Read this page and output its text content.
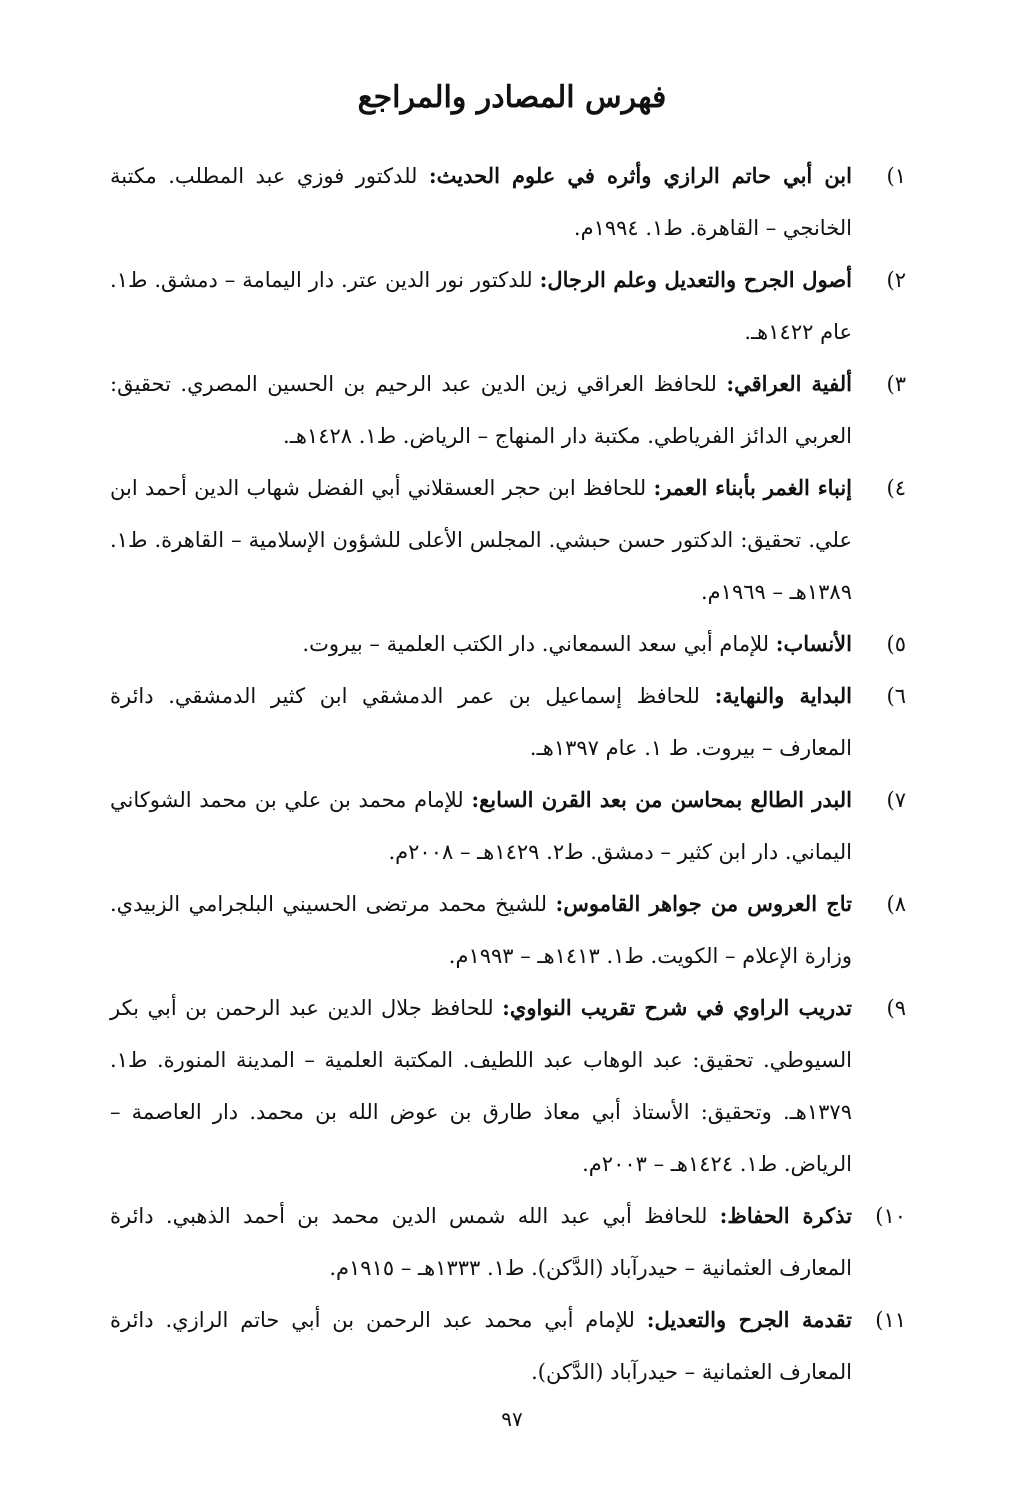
فهرس المصادر والمراجع
١)
ابن أبي حاتم الرازي وأثره في علوم الحديث: للدكتور فوزي عبد المطلب. مكتبة الخانجي – القاهرة. ط١. ١٩٩٤م.
٢)
أصول الجرح والتعديل وعلم الرجال: للدكتور نور الدين عتر. دار اليمامة – دمشق. ط١. عام ١٤٢٢هـ.
٣)
ألفية العراقي: للحافظ العراقي زين الدين عبد الرحيم بن الحسين المصري. تحقيق: العربي الدائز الفرياطي. مكتبة دار المنهاج – الرياض. ط١. ١٤٢٨هـ.
٤)
إنباء الغمر بأبناء العمر: للحافظ ابن حجر العسقلاني أبي الفضل شهاب الدين أحمد ابن علي. تحقيق: الدكتور حسن حبشي. المجلس الأعلى للشؤون الإسلامية – القاهرة. ط١. ١٣٨٩هـ – ١٩٦٩م.
٥)
الأنساب: للإمام أبي سعد السمعاني. دار الكتب العلمية – بيروت.
٦)
البداية والنهاية: للحافظ إسماعيل بن عمر الدمشقي ابن كثير الدمشقي. دائرة المعارف – بيروت. ط ١. عام ١٣٩٧هـ.
٧)
البدر الطالع بمحاسن من بعد القرن السابع: للإمام محمد بن علي بن محمد الشوكاني اليماني. دار ابن كثير – دمشق. ط٢. ١٤٢٩هـ – ٢٠٠٨م.
٨)
تاج العروس من جواهر القاموس: للشيخ محمد مرتضى الحسيني البلجرامي الزبيدي. وزارة الإعلام – الكويت. ط١. ١٤١٣هـ – ١٩٩٣م.
٩)
تدريب الراوي في شرح تقريب النواوي: للحافظ جلال الدين عبد الرحمن بن أبي بكر السيوطي. تحقيق: عبد الوهاب عبد اللطيف. المكتبة العلمية – المدينة المنورة. ط١. ١٣٧٩هـ. وتحقيق: الأستاذ أبي معاذ طارق بن عوض الله بن محمد. دار العاصمة – الرياض. ط١. ١٤٢٤هـ – ٢٠٠٣م.
١٠)
تذكرة الحفاظ: للحافظ أبي عبد الله شمس الدين محمد بن أحمد الذهبي. دائرة المعارف العثمانية – حيدرآباد (الدَّكن). ط١. ١٣٣٣هـ – ١٩١٥م.
١١)
تقدمة الجرح والتعديل: للإمام أبي محمد عبد الرحمن بن أبي حاتم الرازي. دائرة المعارف العثمانية – حيدرآباد (الدَّكن).
٩٧
